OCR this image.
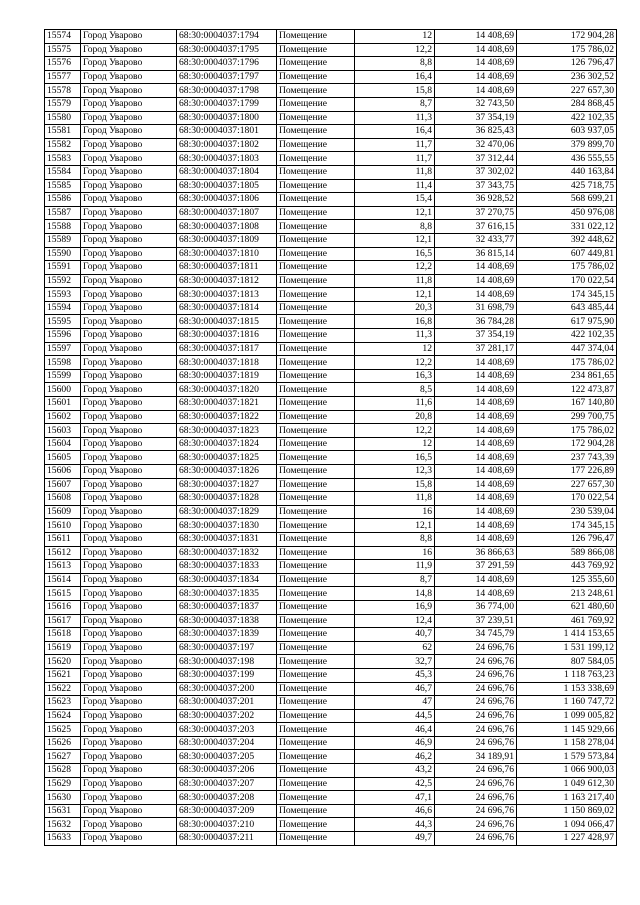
15574	Город Уварово	68:30:0004037:1794	Помещение	12	14 408,69	172 904,28
15575	Город Уварово	68:30:0004037:1795	Помещение	12,2	14 408,69	175 786,02
15576	Город Уварово	68:30:0004037:1796	Помещение	8,8	14 408,69	126 796,47
15577	Город Уварово	68:30:0004037:1797	Помещение	16,4	14 408,69	236 302,52
15578	Город Уварово	68:30:0004037:1798	Помещение	15,8	14 408,69	227 657,30
15579	Город Уварово	68:30:0004037:1799	Помещение	8,7	32 743,50	284 868,45
15580	Город Уварово	68:30:0004037:1800	Помещение	11,3	37 354,19	422 102,35
15581	Город Уварово	68:30:0004037:1801	Помещение	16,4	36 825,43	603 937,05
15582	Город Уварово	68:30:0004037:1802	Помещение	11,7	32 470,06	379 899,70
15583	Город Уварово	68:30:0004037:1803	Помещение	11,7	37 312,44	436 555,55
15584	Город Уварово	68:30:0004037:1804	Помещение	11,8	37 302,02	440 163,84
15585	Город Уварово	68:30:0004037:1805	Помещение	11,4	37 343,75	425 718,75
15586	Город Уварово	68:30:0004037:1806	Помещение	15,4	36 928,52	568 699,21
15587	Город Уварово	68:30:0004037:1807	Помещение	12,1	37 270,75	450 976,08
15588	Город Уварово	68:30:0004037:1808	Помещение	8,8	37 616,15	331 022,12
15589	Город Уварово	68:30:0004037:1809	Помещение	12,1	32 433,77	392 448,62
15590	Город Уварово	68:30:0004037:1810	Помещение	16,5	36 815,14	607 449,81
15591	Город Уварово	68:30:0004037:1811	Помещение	12,2	14 408,69	175 786,02
15592	Город Уварово	68:30:0004037:1812	Помещение	11,8	14 408,69	170 022,54
15593	Город Уварово	68:30:0004037:1813	Помещение	12,1	14 408,69	174 345,15
15594	Город Уварово	68:30:0004037:1814	Помещение	20,3	31 698,79	643 485,44
15595	Город Уварово	68:30:0004037:1815	Помещение	16,8	36 784,28	617 975,90
15596	Город Уварово	68:30:0004037:1816	Помещение	11,3	37 354,19	422 102,35
15597	Город Уварово	68:30:0004037:1817	Помещение	12	37 281,17	447 374,04
15598	Город Уварово	68:30:0004037:1818	Помещение	12,2	14 408,69	175 786,02
15599	Город Уварово	68:30:0004037:1819	Помещение	16,3	14 408,69	234 861,65
15600	Город Уварово	68:30:0004037:1820	Помещение	8,5	14 408,69	122 473,87
15601	Город Уварово	68:30:0004037:1821	Помещение	11,6	14 408,69	167 140,80
15602	Город Уварово	68:30:0004037:1822	Помещение	20,8	14 408,69	299 700,75
15603	Город Уварово	68:30:0004037:1823	Помещение	12,2	14 408,69	175 786,02
15604	Город Уварово	68:30:0004037:1824	Помещение	12	14 408,69	172 904,28
15605	Город Уварово	68:30:0004037:1825	Помещение	16,5	14 408,69	237 743,39
15606	Город Уварово	68:30:0004037:1826	Помещение	12,3	14 408,69	177 226,89
15607	Город Уварово	68:30:0004037:1827	Помещение	15,8	14 408,69	227 657,30
15608	Город Уварово	68:30:0004037:1828	Помещение	11,8	14 408,69	170 022,54
15609	Город Уварово	68:30:0004037:1829	Помещение	16	14 408,69	230 539,04
15610	Город Уварово	68:30:0004037:1830	Помещение	12,1	14 408,69	174 345,15
15611	Город Уварово	68:30:0004037:1831	Помещение	8,8	14 408,69	126 796,47
15612	Город Уварово	68:30:0004037:1832	Помещение	16	36 866,63	589 866,08
15613	Город Уварово	68:30:0004037:1833	Помещение	11,9	37 291,59	443 769,92
15614	Город Уварово	68:30:0004037:1834	Помещение	8,7	14 408,69	125 355,60
15615	Город Уварово	68:30:0004037:1835	Помещение	14,8	14 408,69	213 248,61
15616	Город Уварово	68:30:0004037:1837	Помещение	16,9	36 774,00	621 480,60
15617	Город Уварово	68:30:0004037:1838	Помещение	12,4	37 239,51	461 769,92
15618	Город Уварово	68:30:0004037:1839	Помещение	40,7	34 745,79	1 414 153,65
15619	Город Уварово	68:30:0004037:197	Помещение	62	24 696,76	1 531 199,12
15620	Город Уварово	68:30:0004037:198	Помещение	32,7	24 696,76	807 584,05
15621	Город Уварово	68:30:0004037:199	Помещение	45,3	24 696,76	1 118 763,23
15622	Город Уварово	68:30:0004037:200	Помещение	46,7	24 696,76	1 153 338,69
15623	Город Уварово	68:30:0004037:201	Помещение	47	24 696,76	1 160 747,72
15624	Город Уварово	68:30:0004037:202	Помещение	44,5	24 696,76	1 099 005,82
15625	Город Уварово	68:30:0004037:203	Помещение	46,4	24 696,76	1 145 929,66
15626	Город Уварово	68:30:0004037:204	Помещение	46,9	24 696,76	1 158 278,04
15627	Город Уварово	68:30:0004037:205	Помещение	46,2	34 189,91	1 579 573,84
15628	Город Уварово	68:30:0004037:206	Помещение	43,2	24 696,76	1 066 900,03
15629	Город Уварово	68:30:0004037:207	Помещение	42,5	24 696,76	1 049 612,30
15630	Город Уварово	68:30:0004037:208	Помещение	47,1	24 696,76	1 163 217,40
15631	Город Уварово	68:30:0004037:209	Помещение	46,6	24 696,76	1 150 869,02
15632	Город Уварово	68:30:0004037:210	Помещение	44,3	24 696,76	1 094 066,47
15633	Город Уварово	68:30:0004037:211	Помещение	49,7	24 696,76	1 227 428,97
